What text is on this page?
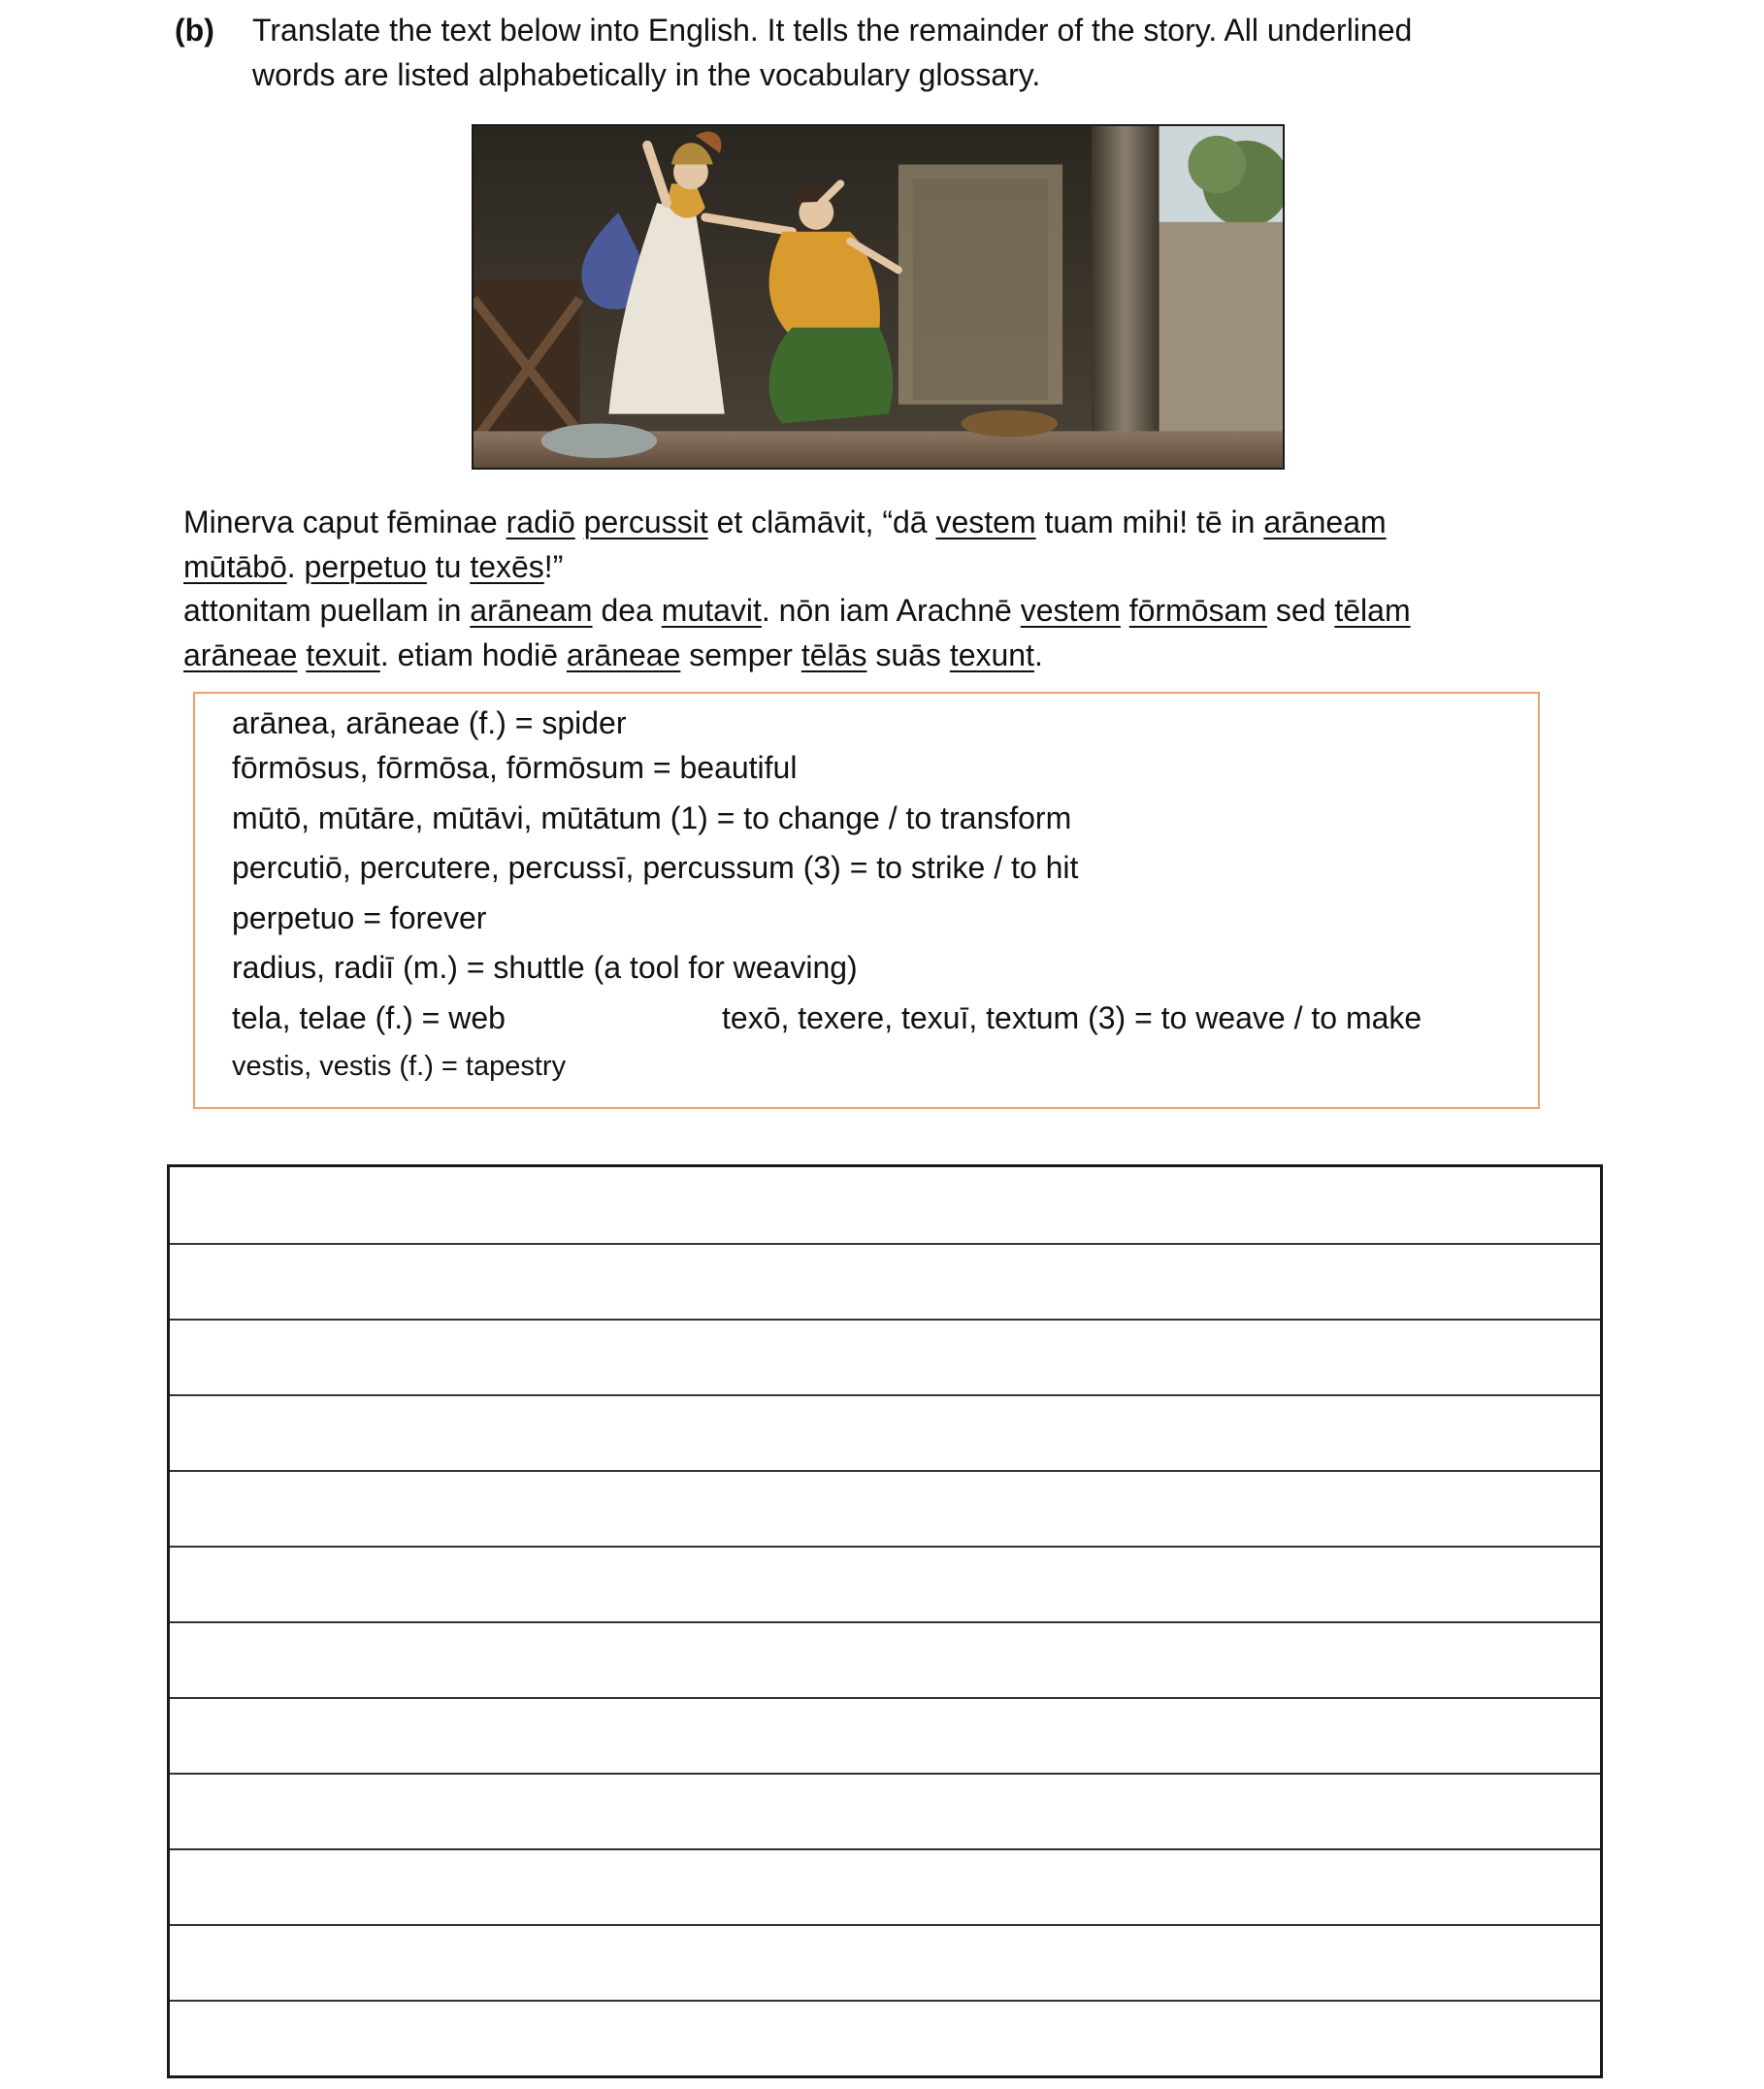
(b) Translate the text below into English. It tells the remainder of the story. All underlined
words are listed alphabetically in the vocabulary glossary.

Minerva caput fēminae radiō percussit et clāmāvit, “dā vestem tuam mihi! tē in arāneam

mūtābō. perpetuo tu texēs!”

attonitam puellam in arāneam dea mutavit. nōn iam Arachnē vestem fōrmōsam sed tēlam

arāneae texuit. etiam hodiē arāneae semper tēlās suās texunt.

arānea, arāneae (f.) = spider
fōrmōsus, fōrmōsa, fōrmōsum = beautiful
mūtō, mūtāre, mūtāvi, mūtātum (1) = to change / to transform
percutiō, percutere, percussī, percussum (3) = to strike / to hit
perpetuo = forever
radius, radiī (m.) = shuttle (a tool for weaving)
tela, telae (f.) = web	texō, texere, texuī, textum (3) = to weave / to make
vestis, vestis (f.) = tapestry
